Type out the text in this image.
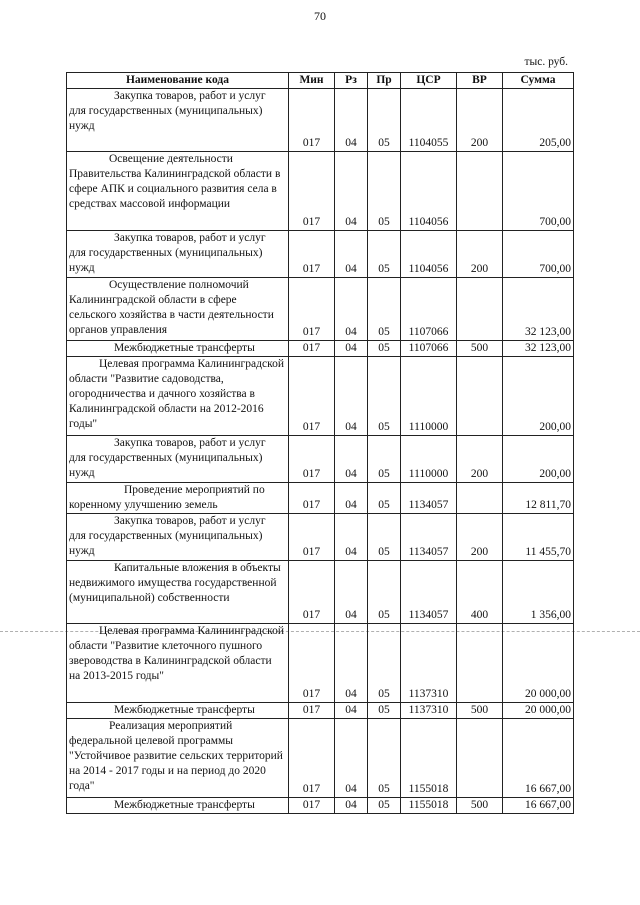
70
тыс. руб.
Наименование кода	Мин	Рз	Пр	ЦСР	ВР	Сумма

Закупка товаров, работ и услуг для государственных (муниципальных) нужд	017	04	05	1104055	200	205,00

Освещение деятельности Правительства Калининградской области в сфере АПК и социального развития села в средствах массовой информации	017	04	05	1104056		700,00

Закупка товаров, работ и услуг для государственных (муниципальных) нужд	017	04	05	1104056	200	700,00

Осуществление полномочий Калининградской области в сфере сельского хозяйства в части деятельности органов управления	017	04	05	1107066		32 123,00

Межбюджетные трансферты	017	04	05	1107066	500	32 123,00

Целевая программа Калининградской области "Развитие садоводства, огородничества и дачного хозяйства в Калининградской области на 2012-2016 годы"	017	04	05	1110000		200,00

Закупка товаров, работ и услуг для государственных (муниципальных) нужд	017	04	05	1110000	200	200,00

Проведение мероприятий по коренному улучшению земель	017	04	05	1134057		12 811,70

Закупка товаров, работ и услуг для государственных (муниципальных) нужд	017	04	05	1134057	200	11 455,70

Капитальные вложения в объекты недвижимого имущества государственной (муниципальной) собственности	017	04	05	1134057	400	1 356,00

Целевая программа Калининградской области "Развитие клеточного пушного звероводства в Калининградской области на 2013-2015 годы"	017	04	05	1137310		20 000,00

Межбюджетные трансферты	017	04	05	1137310	500	20 000,00

Реализация мероприятий федеральной целевой программы "Устойчивое развитие сельских территорий на 2014 - 2017 годы и на период до 2020 года"	017	04	05	1155018		16 667,00

Межбюджетные трансферты	017	04	05	1155018	500	16 667,00
